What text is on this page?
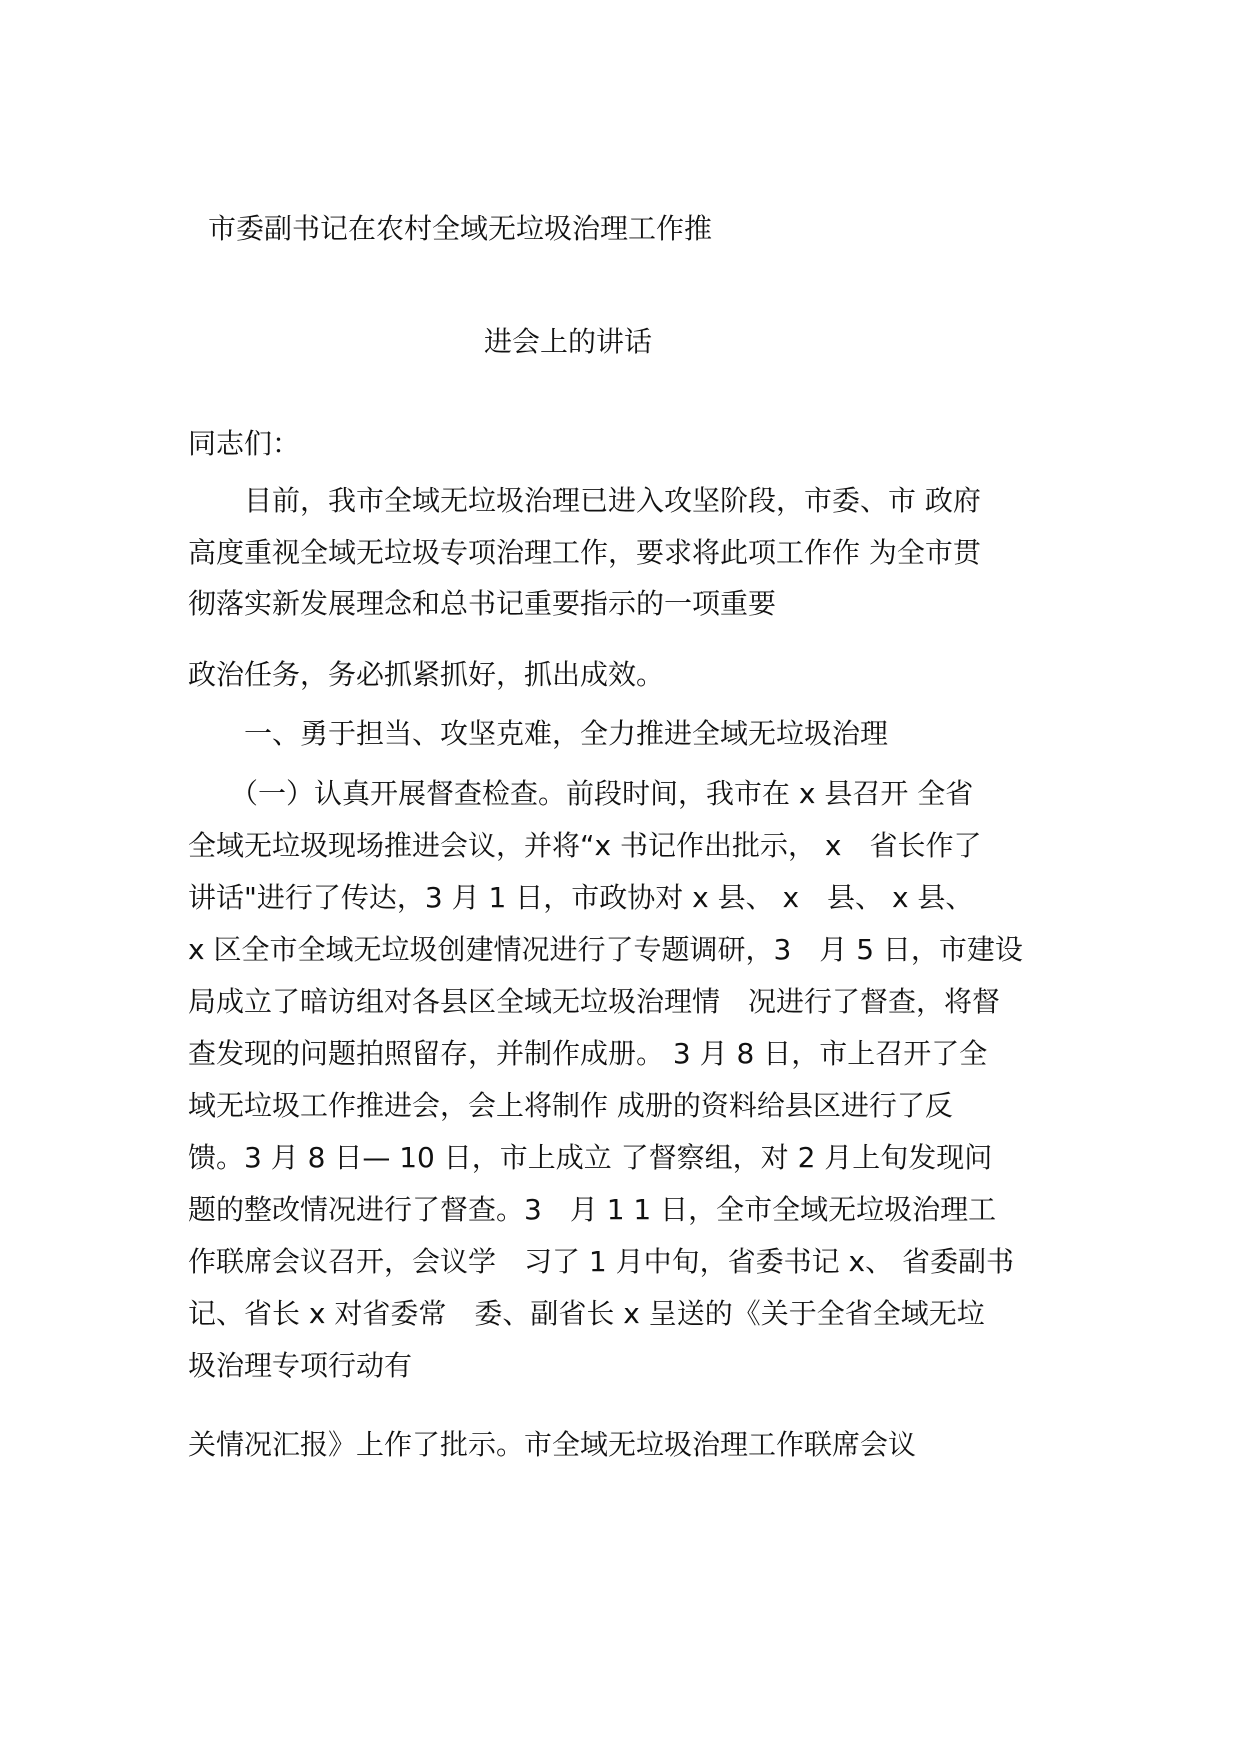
市委副书记在农村全域无垃圾治理工作推
进会上的讲话
同志们：
　　目前，我市全域无垃圾治理已进入攻坚阶段，市委、市 政府
高度重视全域无垃圾专项治理工作，要求将此项工作作 为全市贯
彻落实新发展理念和总书记重要指示的一项重要
政治任务，务必抓紧抓好，抓出成效。
　　一、勇于担当、攻坚克难，全力推进全域无垃圾治理
　　（一）认真开展督查检查。前段时间，我市在 x 县召开 全省
全域无垃圾现场推进会议，并将“x 书记作出批示， x　省长作了
讲话"进行了传达，3 月 1 日，市政协对 x 县、 x　县、 x 县、
x 区全市全域无垃圾创建情况进行了专题调研，3　月 5 日，市建设
局成立了暗访组对各县区全域无垃圾治理情　况进行了督查，将督
查发现的问题拍照留存，并制作成册。 3 月 8 日，市上召开了全
域无垃圾工作推进会，会上将制作 成册的资料给县区进行了反
馈。3 月 8 日— 10 日，市上成立 了督察组，对 2 月上旬发现问
题的整改情况进行了督查。3　月 1 1 日，全市全域无垃圾治理工
作联席会议召开，会议学　习了 1 月中旬，省委书记 x、 省委副书
记、省长 x 对省委常　委、副省长 x 呈送的《关于全省全域无垃
圾治理专项行动有
关情况汇报》上作了批示。市全域无垃圾治理工作联席会议
